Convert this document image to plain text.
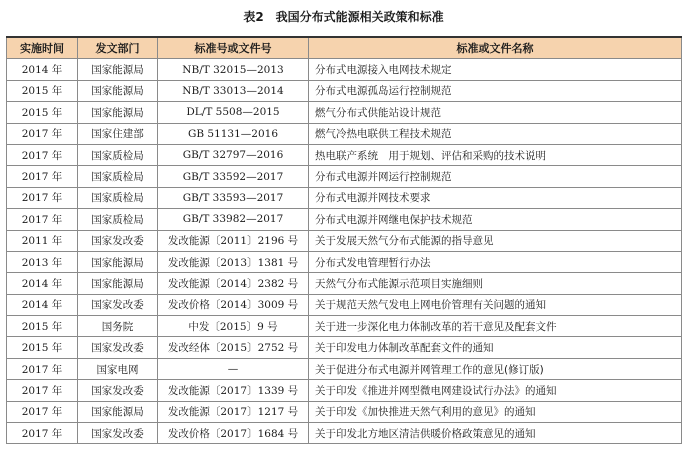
表2　我国分布式能源相关政策和标准
实施时间	发文部门	标准号或文件号	标准或文件名称
2014 年	国家能源局	NB/T 32015—2013	分布式电源接入电网技术规定
2015 年	国家能源局	NB/T 33013—2014	分布式电源孤岛运行控制规范
2015 年	国家能源局	DL/T 5508—2015	燃气分布式供能站设计规范
2017 年	国家住建部	GB 51131—2016	燃气冷热电联供工程技术规范
2017 年	国家质检局	GB/T 32797—2016	热电联产系统　用于规划、评估和采购的技术说明
2017 年	国家质检局	GB/T 33592—2017	分布式电源并网运行控制规范
2017 年	国家质检局	GB/T 33593—2017	分布式电源并网技术要求
2017 年	国家质检局	GB/T 33982—2017	分布式电源并网继电保护技术规范
2011 年	国家发改委	发改能源〔2011〕2196 号	关于发展天然气分布式能源的指导意见
2013 年	国家能源局	发改能源〔2013〕1381 号	分布式发电管理暂行办法
2014 年	国家能源局	发改能源〔2014〕2382 号	天然气分布式能源示范项目实施细则
2014 年	国家发改委	发改价格〔2014〕3009 号	关于规范天然气发电上网电价管理有关问题的通知
2015 年	国务院	中发〔2015〕9 号	关于进一步深化电力体制改革的若干意见及配套文件
2015 年	国家发改委	发改经体〔2015〕2752 号	关于印发电力体制改革配套文件的通知
2017 年	国家电网	—	关于促进分布式电源并网管理工作的意见(修订版)
2017 年	国家发改委	发改能源〔2017〕1339 号	关于印发《推进并网型微电网建设试行办法》的通知
2017 年	国家能源局	发改能源〔2017〕1217 号	关于印发《加快推进天然气利用的意见》的通知
2017 年	国家发改委	发改价格〔2017〕1684 号	关于印发北方地区清洁供暖价格政策意见的通知
